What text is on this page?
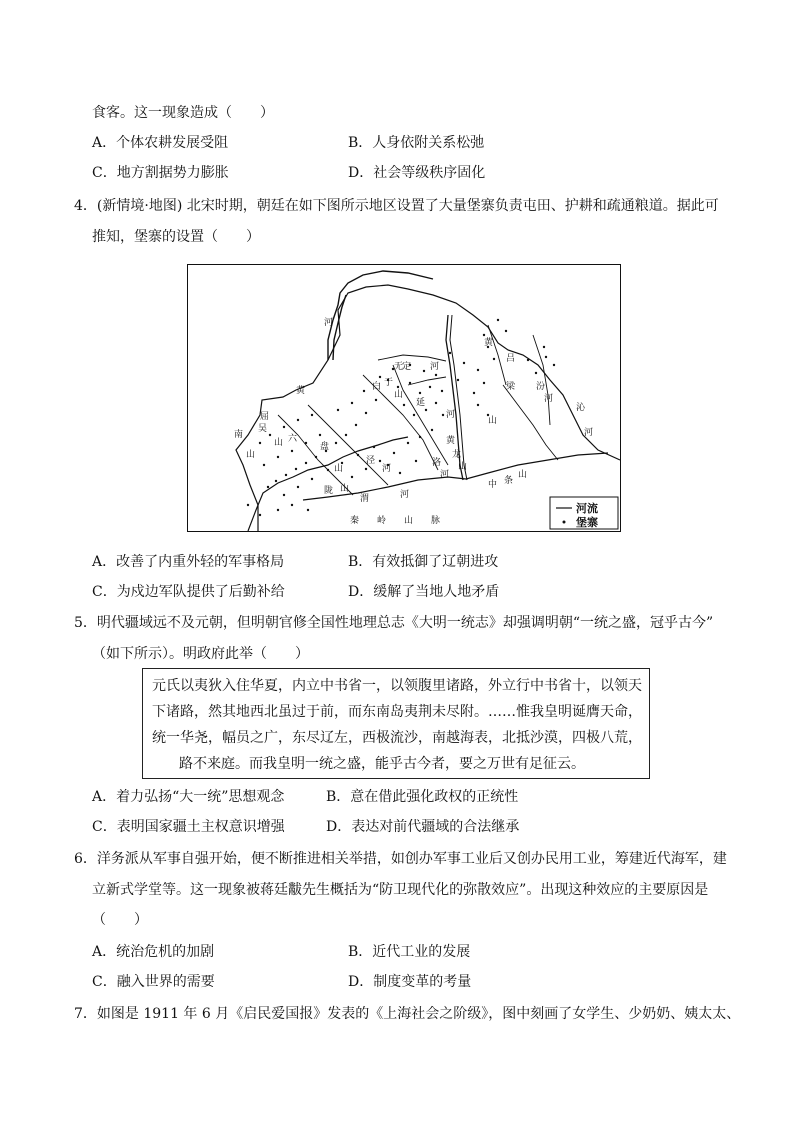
食客。这一现象造成（　　）
A．个体农耕发展受阻	B．人身依附关系松弛
C．地方割据势力膨胀	D．社会等级秩序固化
4．(新情境·地图) 北宋时期，朝廷在如下图所示地区设置了大量堡寨负责屯田、护耕和疏通粮道。据此可
推知，堡寨的设置（　　）
河
黄
无
定 河
白 于
山
黄
吕
梁
山
延
河
屈
吴
山 六
盘
山
黄
龙
山
洛
河
汾
河
沁
河
中 条
山
陇 山
渭	河
泾
河
南
山
秦　　岭　　山　　脉
河流
堡寨
A．改善了内重外轻的军事格局	B．有效抵御了辽朝进攻
C．为戍边军队提供了后勤补给	D．缓解了当地人地矛盾
5．明代疆域远不及元朝，但明朝官修全国性地理总志《大明一统志》却强调明朝“一统之盛，冠乎古今”
（如下所示）。明政府此举（　　）
元氏以夷狄入住华夏，内立中书省一，以领腹里诸路，外立行中书省十，以领天
下诸路，然其地西北虽过于前，而东南岛夷荆未尽附。……惟我皇明诞膺天命，
统一华尧，幅员之广，东尽辽左，西极流沙，南越海表，北抵沙漠，四极八荒，
路不来庭。而我皇明一统之盛，能乎古今者，要之万世有足征云。
A．着力弘扬“大一统”思想观念	B．意在借此强化政权的正统性
C．表明国家疆土主权意识增强	D．表达对前代疆域的合法继承
6．洋务派从军事自强开始，便不断推进相关举措，如创办军事工业后又创办民用工业，筹建近代海军，建
立新式学堂等。这一现象被蒋廷黻先生概括为“防卫现代化的弥散效应”。出现这种效应的主要原因是
（　　）
A．统治危机的加剧	B．近代工业的发展
C．融入世界的需要	D．制度变革的考量
7．如图是 1911 年 6 月《启民爱国报》发表的《上海社会之阶级》，图中刻画了女学生、少奶奶、姨太太、
